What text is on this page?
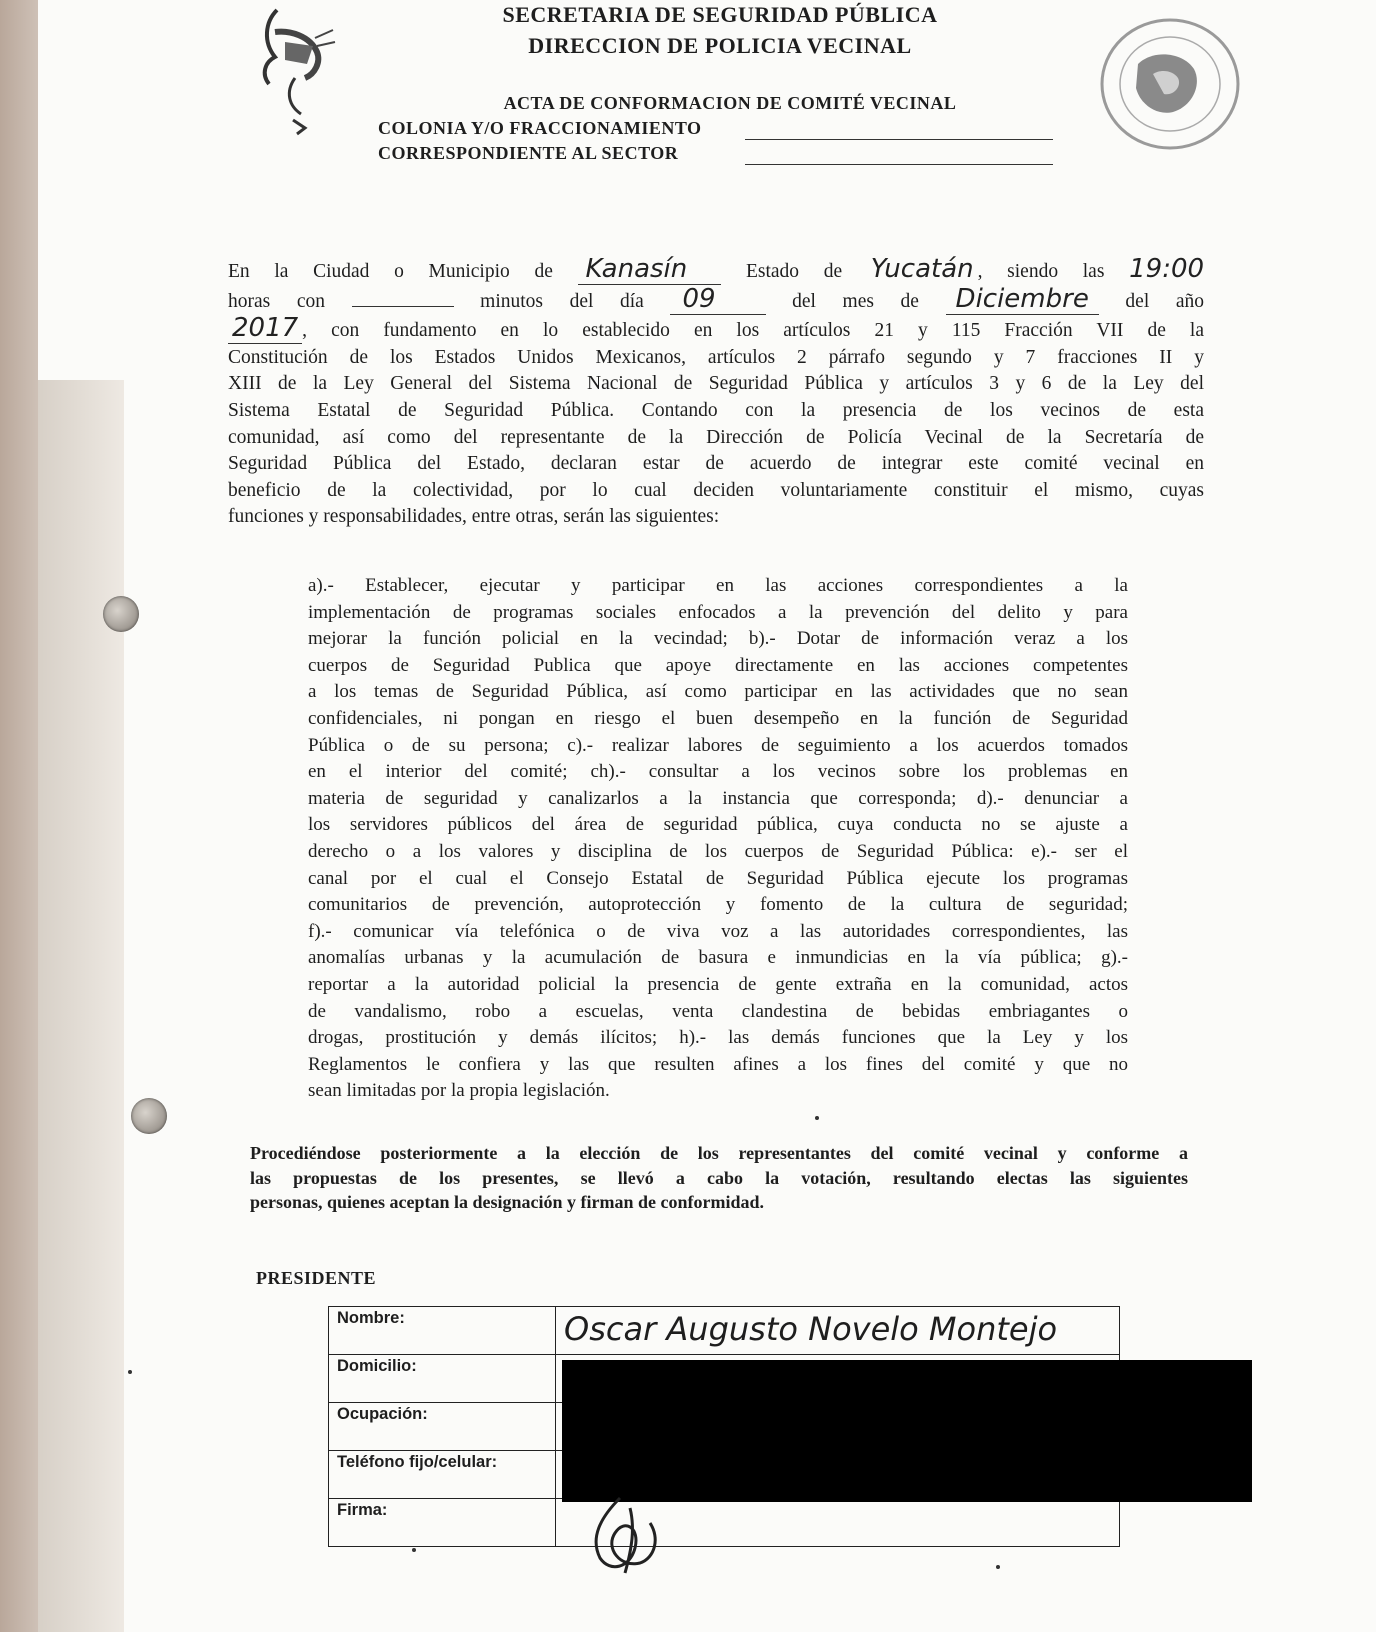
SECRETARIA DE SEGURIDAD PÚBLICA
DIRECCION DE POLICIA VECINAL
ACTA DE CONFORMACION DE COMITÉ VECINAL
COLONIA Y/O FRACCIONAMIENTO
CORRESPONDIENTE AL SECTOR
En la Ciudad o Municipio de Kanasín	Estado de Yucatán , siendo las 19:00
horas con	minutos del día 09	del mes de Diciembre del año
2017 , con fundamento en lo establecido en los artículos 21 y 115 Fracción VII de la
Constitución de los Estados Unidos Mexicanos, artículos 2 párrafo segundo y 7 fracciones II y
XIII de la Ley General del Sistema Nacional de Seguridad Pública y artículos 3 y 6 de la Ley del
Sistema Estatal de Seguridad Pública. Contando con la presencia de los vecinos de esta
comunidad, así como del representante de la Dirección de Policía Vecinal de la Secretaría de
Seguridad Pública del Estado, declaran estar de acuerdo de integrar este comité vecinal en
beneficio de la colectividad, por lo cual deciden voluntariamente constituir el mismo, cuyas
funciones y responsabilidades, entre otras, serán las siguientes:
a).- Establecer, ejecutar y participar en las acciones correspondientes a la
implementación de programas sociales enfocados a la prevención del delito y para
mejorar la función policial en la vecindad; b).- Dotar de información veraz a los
cuerpos de Seguridad Publica que apoye directamente en las acciones competentes
a los temas de Seguridad Pública, así como participar en las actividades que no sean
confidenciales, ni pongan en riesgo el buen desempeño en la función de Seguridad
Pública o de su persona; c).- realizar labores de seguimiento a los acuerdos tomados
en el interior del comité; ch).- consultar a los vecinos sobre los problemas en
materia de seguridad y canalizarlos a la instancia que corresponda; d).- denunciar a
los servidores públicos del área de seguridad pública, cuya conducta no se ajuste a
derecho o a los valores y disciplina de los cuerpos de Seguridad Pública: e).- ser el
canal por el cual el Consejo Estatal de Seguridad Pública ejecute los programas
comunitarios de prevención, autoprotección y fomento de la cultura de seguridad;
f).- comunicar vía telefónica o de viva voz a las autoridades correspondientes, las
anomalías urbanas y la acumulación de basura e inmundicias en la vía pública; g).-
reportar a la autoridad policial la presencia de gente extraña en la comunidad, actos
de vandalismo, robo a escuelas, venta clandestina de bebidas embriagantes o
drogas, prostitución y demás ilícitos; h).- las demás funciones que la Ley y los
Reglamentos le confiera y las que resulten afines a los fines del comité y que no
sean limitadas por la propia legislación.
Procediéndose posteriormente a la elección de los representantes del comité vecinal y conforme a
las propuestas de los presentes, se llevó a cabo la votación, resultando electas las siguientes
personas, quienes aceptan la designación y firman de conformidad.
PRESIDENTE
Nombre:	Oscar Augusto Novelo Montejo
Domicilio:	
Ocupación:	
Teléfono fijo/celular:	
Firma:	
